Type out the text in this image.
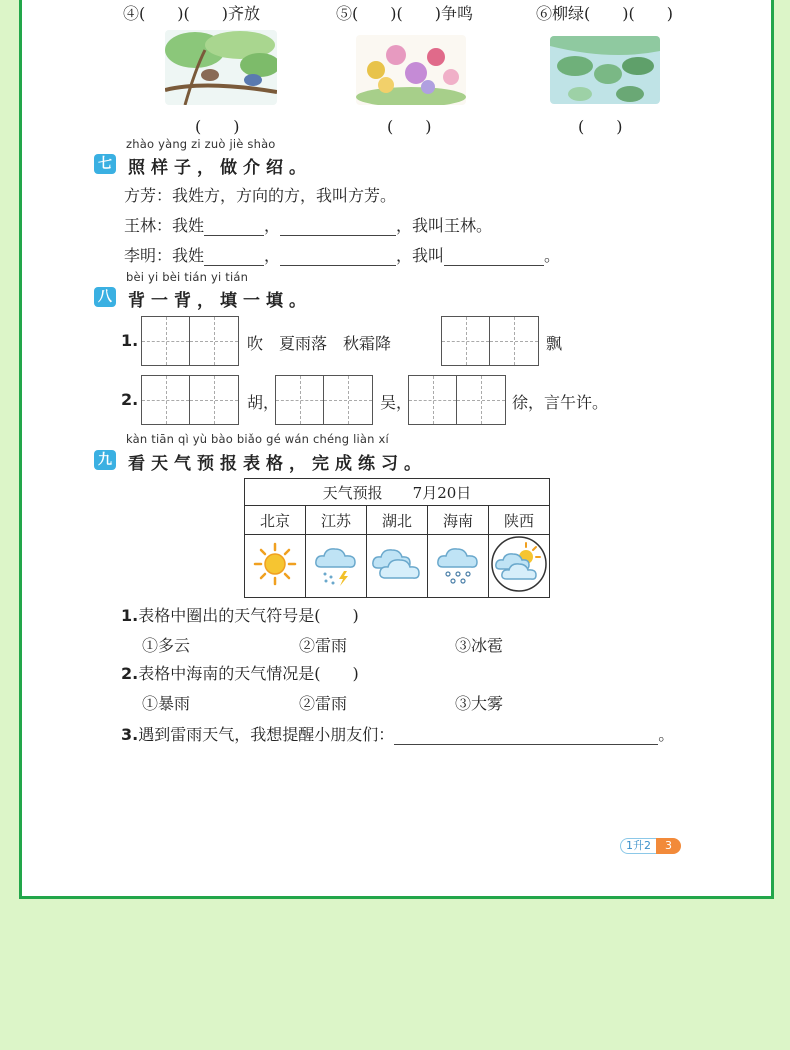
④(　　)(　　)齐放	⑤(　　)(　　)争鸣	⑥柳绿(　　)(　　)
(　　)	(　　)	(　　)
zhào yàng zi zuò jiè shào
七 照样子，做介绍。
方芳：我姓方，方向的方，我叫方芳。
王林：我姓	，	，我叫王林。
李明：我姓	，	，我叫	。
bèi yi bèi tián yi tián
八 背一背，填一填。
1.	吹　夏雨落　秋霜降	飘
2.	胡，	吴，	徐，言午许。
kàn tiān qì yù bào biǎo gé wán chéng liàn xí
九 看天气预报表格，完成练习。
天气预报　　7月20日				
北京	江苏	湖北	海南	陕西

1.表格中圈出的天气符号是(　　)
①多云	②雷雨	③冰雹
2.表格中海南的天气情况是(　　)
①暴雨	②雷雨	③大雾
3.遇到雷雨天气，我想提醒小朋友们：	。
1升2	3
